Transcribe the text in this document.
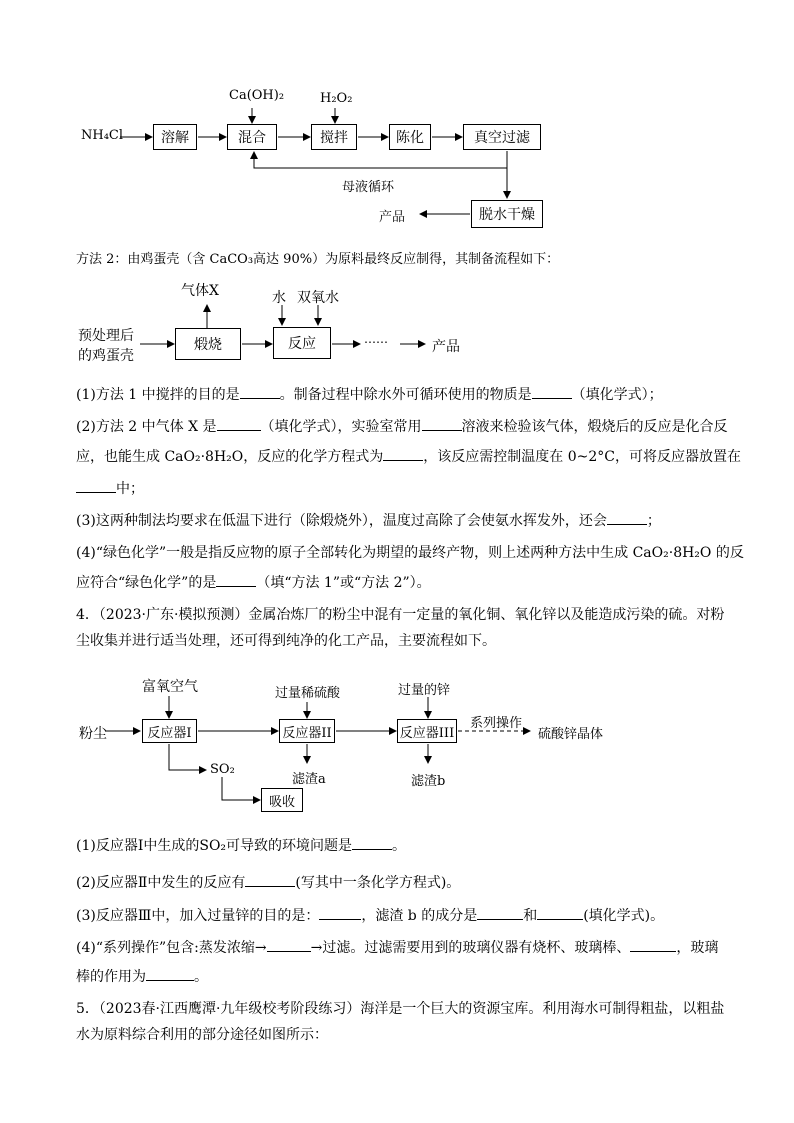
NH₄Cl
Ca(OH)₂	H₂O₂
溶解	混合	搅拌	陈化	真空过滤
脱水干燥
母液循环
产品
方法 2：由鸡蛋壳（含 CaCO₃高达 90%）为原料最终反应制得，其制备流程如下：
气体X	水 双氧水
预处理后
的鸡蛋壳
煅烧	反应	⋯⋯	产品
(1)方法 1 中搅拌的目的是	。制备过程中除水外可循环使用的物质是	（填化学式）；
(2)方法 2 中气体 X 是	（填化学式），实验室常用	溶液来检验该气体，煅烧后的反应是化合反
应，也能生成 CaO₂·8H₂O，反应的化学方程式为	，该反应需控制温度在 0~2°C，可将反应器放置在
中；
(3)这两种制法均要求在低温下进行（除煅烧外），温度过高除了会使氨水挥发外，还会	；
(4)“绿色化学”一般是指反应物的原子全部转化为期望的最终产物，则上述两种方法中生成 CaO₂·8H₂O 的反
应符合“绿色化学”的是	（填“方法 1”或“方法 2”）。
4．（2023·广东·模拟预测）金属冶炼厂的粉尘中混有一定量的氧化铜、氧化锌以及能造成污染的硫。对粉尘收集并进行适当处理，还可得到纯净的化工产品，主要流程如下。
粉尘
富氧空气	过量稀硫酸	过量的锌
反应器I	反应器II	反应器III
系列操作
硫酸锌晶体
SO₂
吸收
滤渣a	滤渣b
(1)反应器Ⅰ中生成的SO₂可导致的环境问题是	。
(2)反应器Ⅱ中发生的反应有	(写其中一条化学方程式)。
(3)反应器Ⅲ中，加入过量锌的目的是：	，滤渣 b 的成分是	和	(填化学式)。
(4)“系列操作”包含:蒸发浓缩→	→过滤。过滤需要用到的玻璃仪器有烧杯、玻璃棒、	，玻璃
棒的作用为	。
5．（2023春·江西鹰潭·九年级校考阶段练习）海洋是一个巨大的资源宝库。利用海水可制得粗盐，以粗盐水为原料综合利用的部分途径如图所示：
